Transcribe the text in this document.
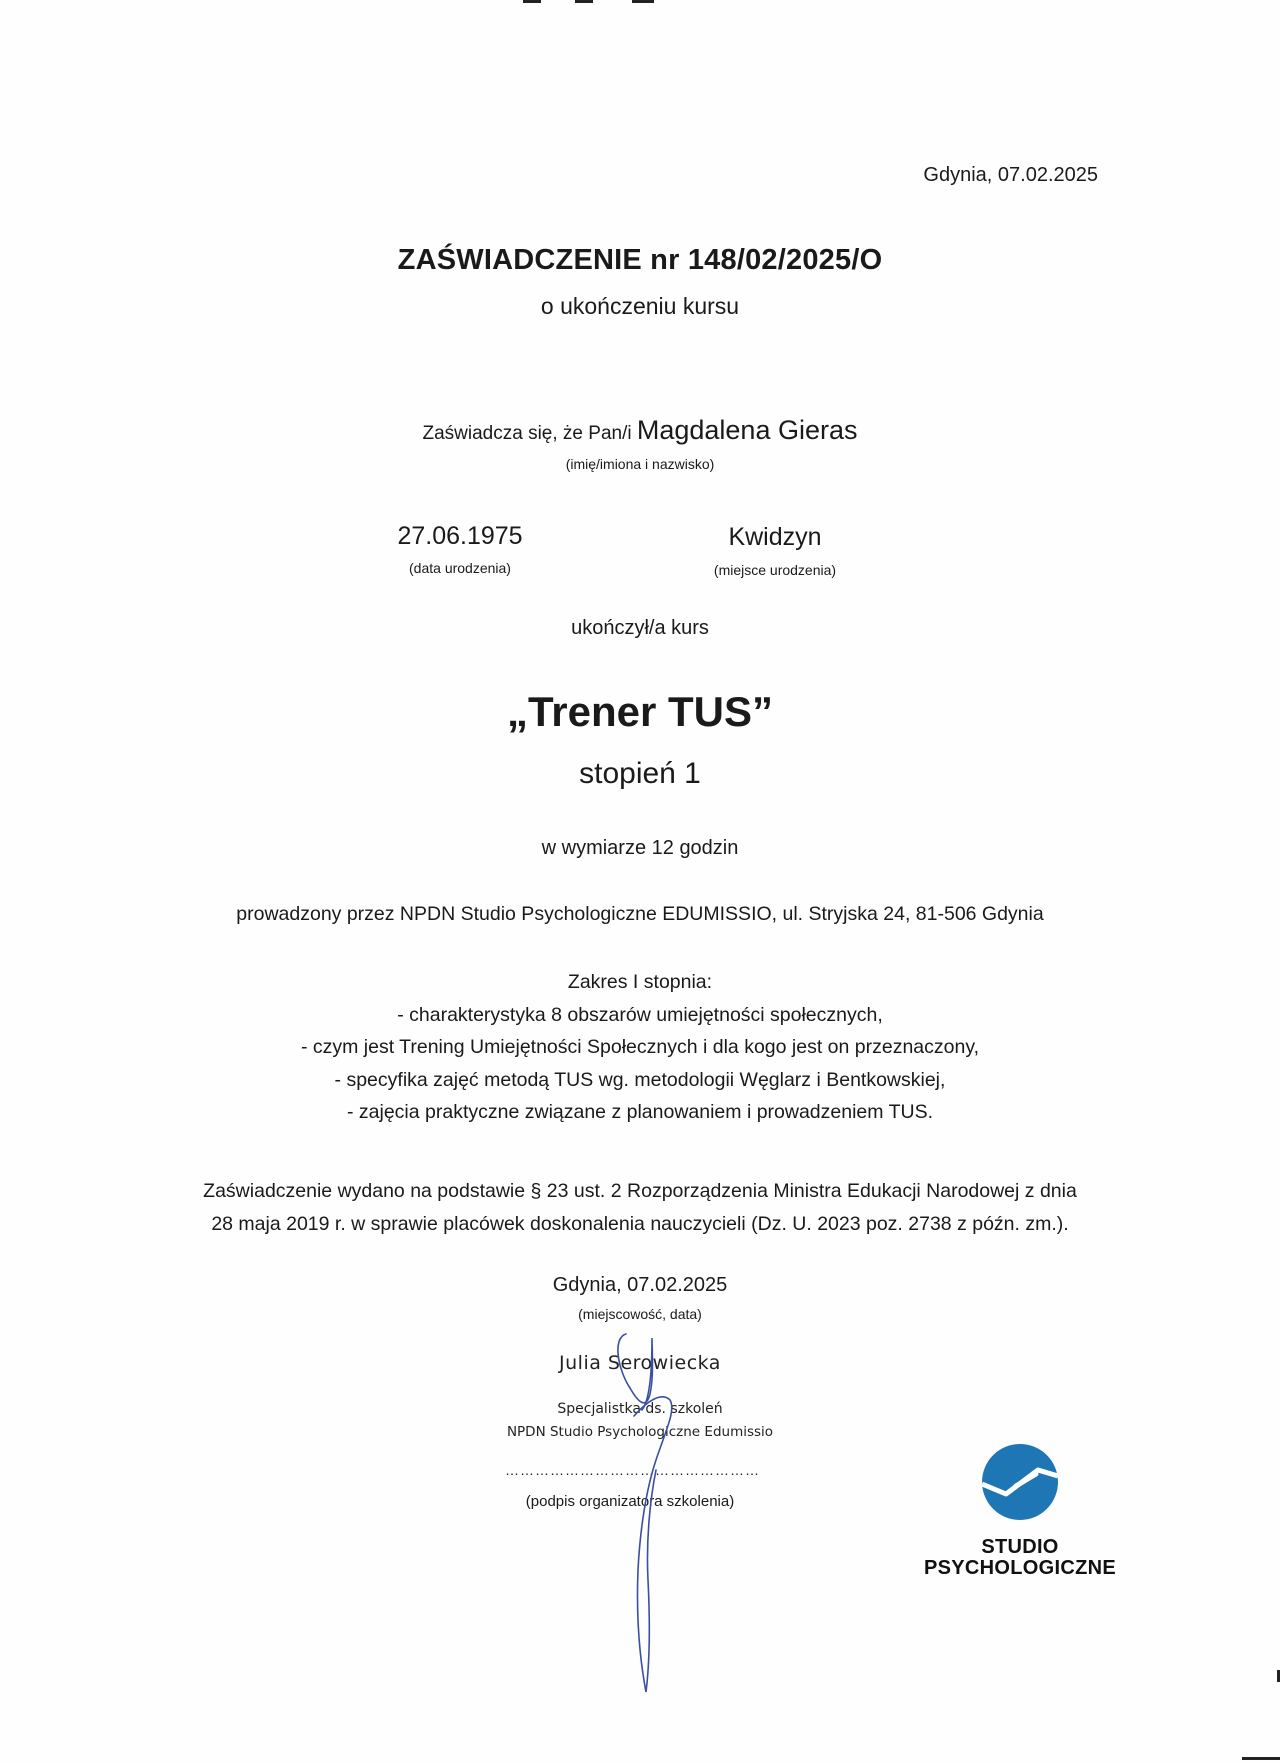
Gdynia, 07.02.2025
ZAŚWIADCZENIE nr 148/02/2025/O
o ukończeniu kursu
Zaświadcza się, że Pan/i Magdalena Gieras
(imię/imiona i nazwisko)
27.06.1975
(data urodzenia)
Kwidzyn
(miejsce urodzenia)
ukończył/a kurs
„Trener TUS”
stopień 1
w wymiarze 12 godzin
prowadzony przez NPDN Studio Psychologiczne EDUMISSIO, ul. Stryjska 24, 81-506 Gdynia
Zakres I stopnia:
- charakterystyka 8 obszarów umiejętności społecznych,
- czym jest Trening Umiejętności Społecznych i dla kogo jest on przeznaczony,
- specyfika zajęć metodą TUS wg. metodologii Węglarz i Bentkowskiej,
- zajęcia praktyczne związane z planowaniem i prowadzeniem TUS.
Zaświadczenie wydano na podstawie § 23 ust. 2 Rozporządzenia Ministra Edukacji Narodowej z dnia
28 maja 2019 r. w sprawie placówek doskonalenia nauczycieli (Dz. U. 2023 poz. 2738 z późn. zm.).
Gdynia, 07.02.2025
(miejscowość, data)
Julia Serowiecka
Specjalistka ds. szkoleń
NPDN Studio Psychologiczne Edumissio
……………………………………………
(podpis organizatora szkolenia)
STUDIO
PSYCHOLOGICZNE
